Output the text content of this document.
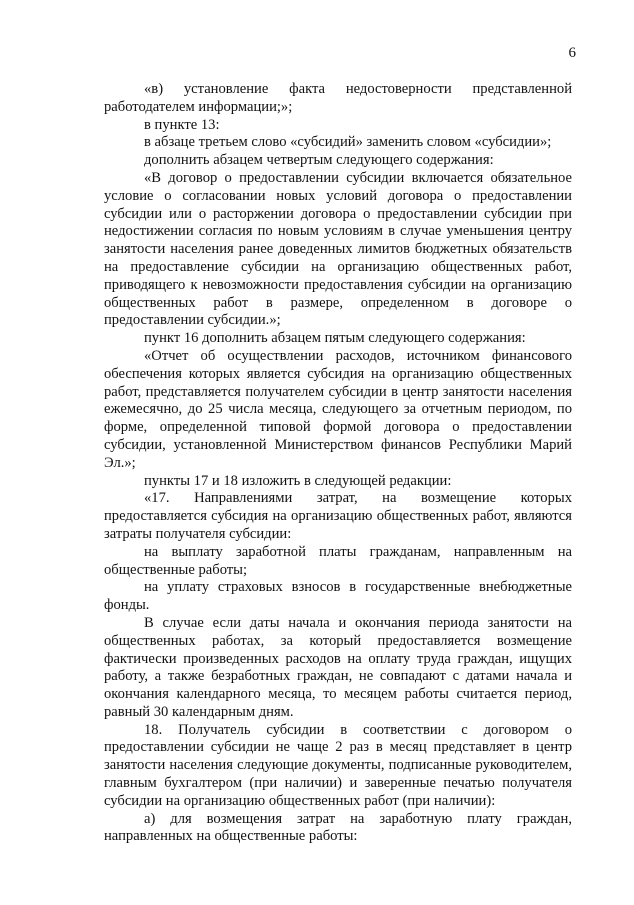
6

«в) установление факта недостоверности представленной работодателем информации;»;

в пункте 13:

в абзаце третьем слово «субсидий» заменить словом «субсидии»;

дополнить абзацем четвертым следующего содержания:

«В договор о предоставлении субсидии включается обязательное условие о согласовании новых условий договора о предоставлении субсидии или о расторжении договора о предоставлении субсидии при недостижении согласия по новым условиям в случае уменьшения центру занятости населения ранее доведенных лимитов бюджетных обязательств на предоставление субсидии на организацию общественных работ, приводящего к невозможности предоставления субсидии на организацию общественных работ в размере, определенном в договоре о предоставлении субсидии.»;

пункт 16 дополнить абзацем пятым следующего содержания:

«Отчет об осуществлении расходов, источником финансового обеспечения которых является субсидия на организацию общественных работ, представляется получателем субсидии в центр занятости населения ежемесячно, до 25 числа месяца, следующего за отчетным периодом, по форме, определенной типовой формой договора о предоставлении субсидии, установленной Министерством финансов Республики Марий Эл.»;

пункты 17 и 18 изложить в следующей редакции:

«17. Направлениями затрат, на возмещение которых предоставляется субсидия на организацию общественных работ, являются затраты получателя субсидии:

на выплату заработной платы гражданам, направленным на общественные работы;

на уплату страховых взносов в государственные внебюджетные фонды.

В случае если даты начала и окончания периода занятости на общественных работах, за который предоставляется возмещение фактически произведенных расходов на оплату труда граждан, ищущих работу, а также безработных граждан, не совпадают с датами начала и окончания календарного месяца, то месяцем работы считается период, равный 30 календарным дням.

18. Получатель субсидии в соответствии с договором о предоставлении субсидии не чаще 2 раз в месяц представляет в центр занятости населения следующие документы, подписанные руководителем, главным бухгалтером (при наличии) и заверенные печатью получателя субсидии на организацию общественных работ (при наличии):

а) для возмещения затрат на заработную плату граждан, направленных на общественные работы:
